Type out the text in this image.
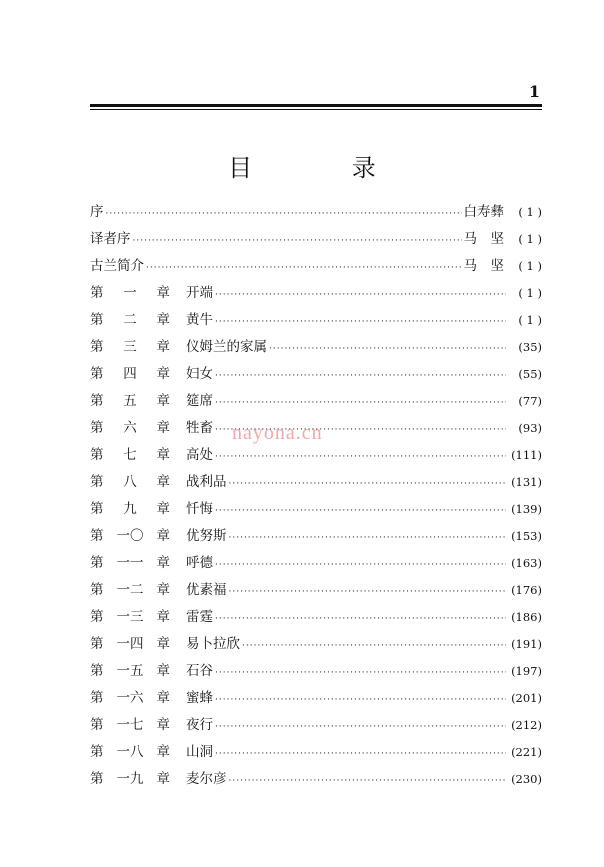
1
目 录
序 ·····	白寿彝	( 1 )
译者序 ·····	马　坚	( 1 )
古兰简介 ·····	马　坚	( 1 )
第 一 章 开端 ·····	( 1 )
第 二 章 黄牛 ·····	( 1 )
第 三 章 仪姆兰的家属 ·····	(35)
第 四 章 妇女 ·····	(55)
第 五 章 筵席 ·····	(77)
第 六 章 牲畜 ·····	(93)
第 七 章 高处 ·····	(111)
第 八 章 战利品 ·····	(131)
第 九 章 忏悔 ·····	(139)
第 一〇 章 优努斯 ·····	(153)
第 一一 章 呼德 ·····	(163)
第 一二 章 优素福 ·····	(176)
第 一三 章 雷霆 ·····	(186)
第 一四 章 易卜拉欣 ·····	(191)
第 一五 章 石谷 ·····	(197)
第 一六 章 蜜蜂 ·····	(201)
第 一七 章 夜行 ·····	(212)
第 一八 章 山洞 ·····	(221)
第 一九 章 麦尔彦 ·····	(230)
nayona.cn
